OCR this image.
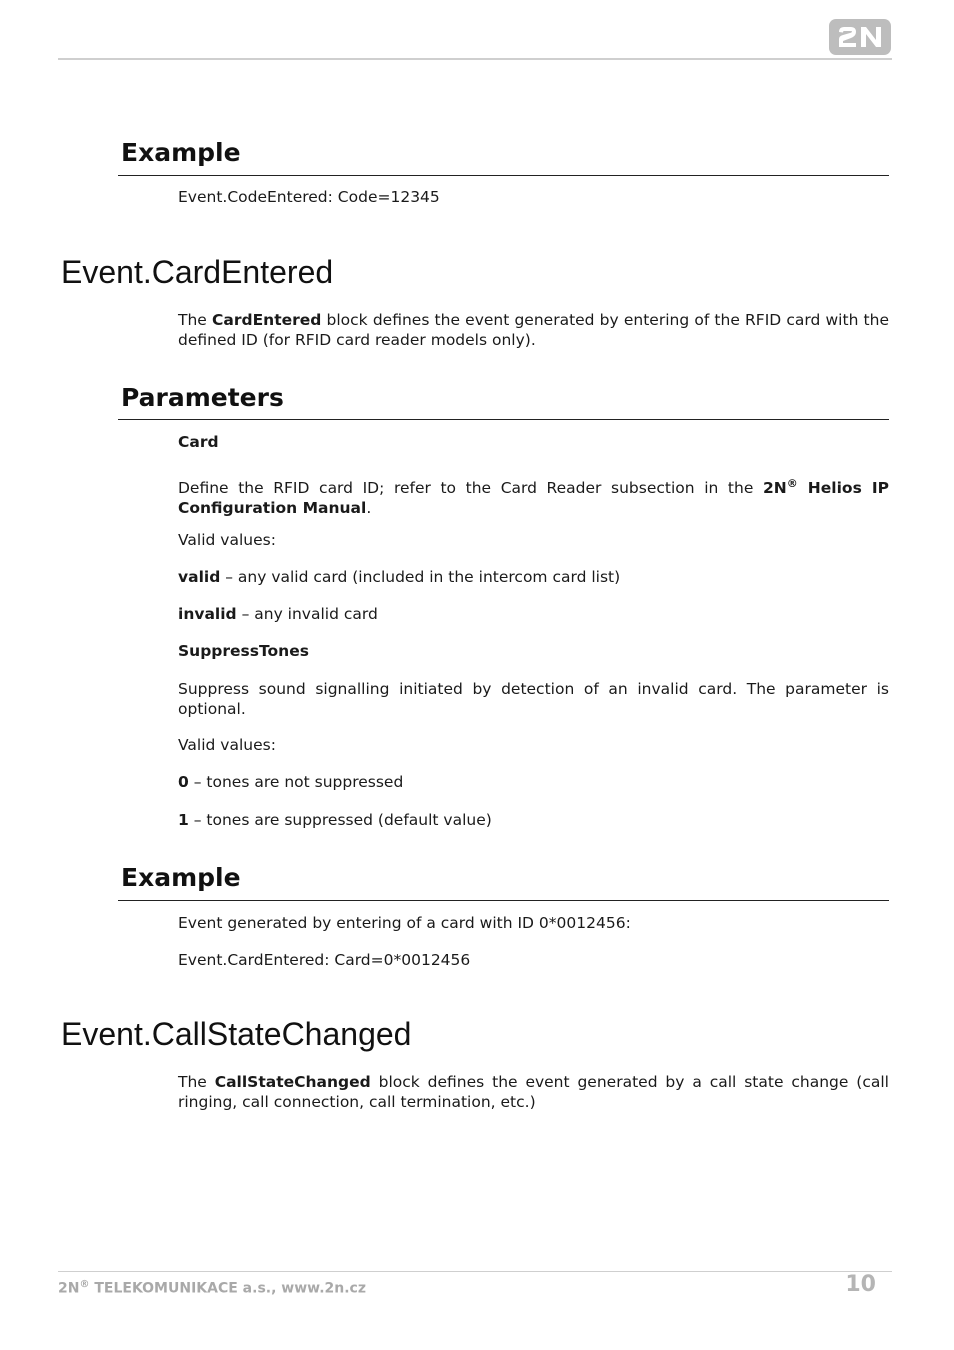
Example
Event.CodeEntered: Code=12345
Event.CardEntered
The CardEntered block defines the event generated by entering of the RFID card with the defined ID (for RFID card reader models only).
Parameters
Card
Define the RFID card ID; refer to the Card Reader subsection in the 2N® Helios IP Configuration Manual.
Valid values:
valid – any valid card (included in the intercom card list)
invalid – any invalid card
SuppressTones
Suppress sound signalling initiated by detection of an invalid card. The parameter is optional.
Valid values:
0 – tones are not suppressed
1 – tones are suppressed (default value)
Example
Event generated by entering of a card with ID 0*0012456:
Event.CardEntered: Card=0*0012456
Event.CallStateChanged
The CallStateChanged block defines the event generated by a call state change (call ringing, call connection, call termination, etc.)
2N® TELEKOMUNIKACE a.s., www.2n.cz	10
